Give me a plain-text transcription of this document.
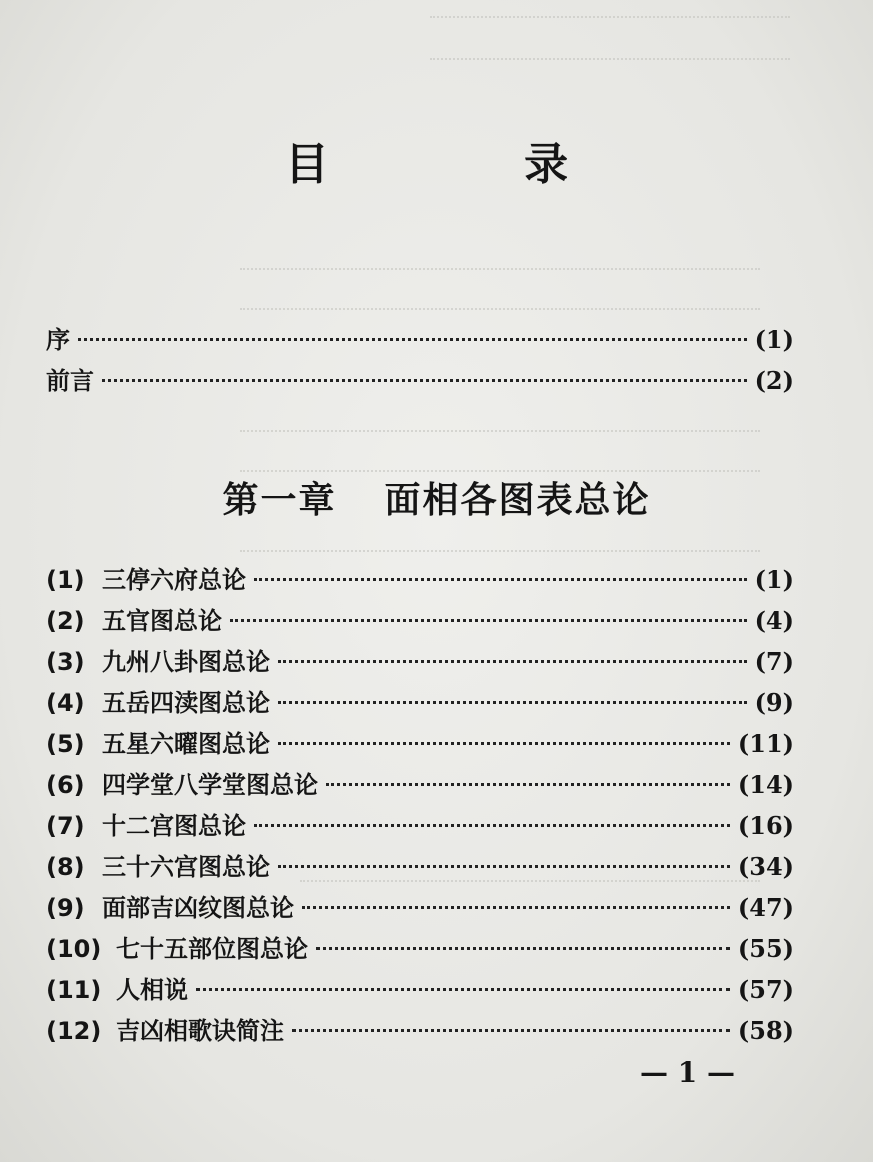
目 录
序	(1)
前言	(2)
第一章 面相各图表总论
(1) 三停六府总论	(1)
(2) 五官图总论	(4)
(3) 九州八卦图总论	(7)
(4) 五岳四渎图总论	(9)
(5) 五星六曜图总论	(11)
(6) 四学堂八学堂图总论	(14)
(7) 十二宫图总论	(16)
(8) 三十六宫图总论	(34)
(9) 面部吉凶纹图总论	(47)
(10) 七十五部位图总论	(55)
(11) 人相说	(57)
(12) 吉凶相歌诀简注	(58)
— 1 —
